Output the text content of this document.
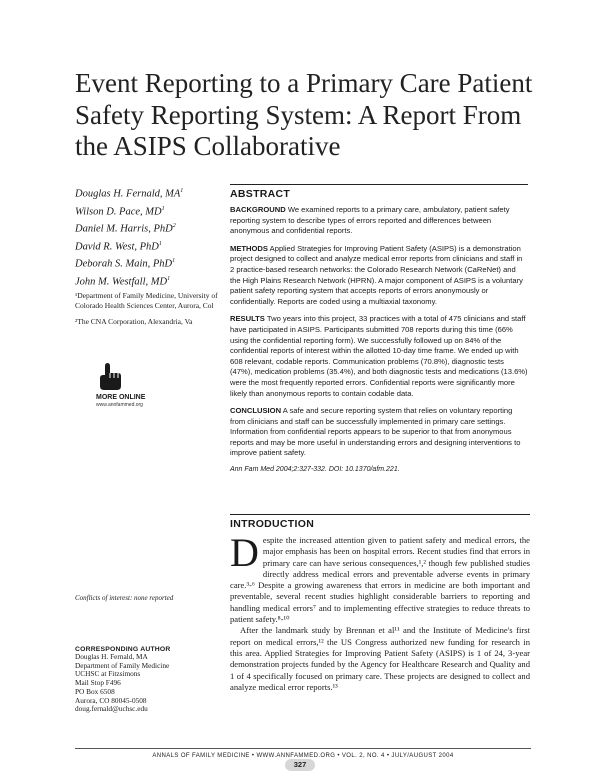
Event Reporting to a Primary Care Patient Safety Reporting System: A Report From the ASIPS Collaborative
Douglas H. Fernald, $MA^1$
Wilson D. Pace, $MD^1$
Daniel M. Harris, PhD$^2$
David R. West, PhD$^1$
Deborah S. Main, PhD$^1$
John M. Westfall, $MD^1$
¹Department of Family Medicine, University of Colorado Health Sciences Center, Aurora, Col
²The CNA Corporation, Alexandria, Va
MORE ONLINE
www.annfammed.org
ABSTRACT

BACKGROUND We examined reports to a primary care, ambulatory, patient safety reporting system to describe types of errors reported and differences between anonymous and confidential reports.

METHODS Applied Strategies for Improving Patient Safety (ASIPS) is a demonstration project designed to collect and analyze medical error reports from clinicians and staff in 2 practice-based research networks: the Colorado Research Network (CaReNet) and the High Plains Research Network (HPRN). A major component of ASIPS is a voluntary patient safety reporting system that accepts reports of errors anonymously or confidentially. Reports are coded using a multiaxial taxonomy.

RESULTS Two years into this project, 33 practices with a total of 475 clinicians and staff have participated in ASIPS. Participants submitted 708 reports during this time (66% using the confidential reporting form). We successfully followed up on 84% of the confidential reports of interest within the allotted 10-day time frame. We ended up with 608 relevant, codable reports. Communication problems (70.8%), diagnostic tests (47%), medication problems (35.4%), and both diagnostic tests and medications (13.6%) were the most frequently reported errors. Confidential reports were significantly more likely than anonymous reports to contain codable data.

CONCLUSION A safe and secure reporting system that relies on voluntary reporting from clinicians and staff can be successfully implemented in primary care settings. Information from confidential reports appears to be superior to that from anonymous reports and may be more useful in understanding errors and designing interventions to improve patient safety.

Ann Fam Med 2004;2:327-332. DOI: 10.1370/afm.221.
INTRODUCTION

Despite the increased attention given to patient safety and medical errors, the major emphasis has been on hospital errors. Recent studies find that errors in primary care can have serious consequences,¹,² though few published studies directly address medical errors and preventable adverse events in primary care.³-⁶ Despite a growing awareness that errors in medicine are both important and preventable, several recent studies highlight considerable barriers to reporting and handling medical errors⁷ and to implementing effective strategies to reduce threats to patient safety.⁸-¹⁰

After the landmark study by Brennan et al¹¹ and the Institute of Medicine's first report on medical errors,¹² the US Congress authorized new funding for research in this area. Applied Strategies for Improving Patient Safety (ASIPS) is 1 of 24, 3-year demonstration projects funded by the Agency for Healthcare Research and Quality and 1 of 4 specifically focused on primary care. These projects are designed to collect and analyze medical error reports.¹³

Conflicts of interest: none reported
CORRESPONDING AUTHOR
Douglas H. Fernald, MA
Department of Family Medicine
UCHSC at Fitzsimons
Mail Stop F496
PO Box 6508
Aurora, CO 80045-0508
doug.fernald@uchsc.edu
ANNALS OF FAMILY MEDICINE • WWW.ANNFAMMED.ORG • VOL. 2, NO. 4 • JULY/AUGUST 2004
327
